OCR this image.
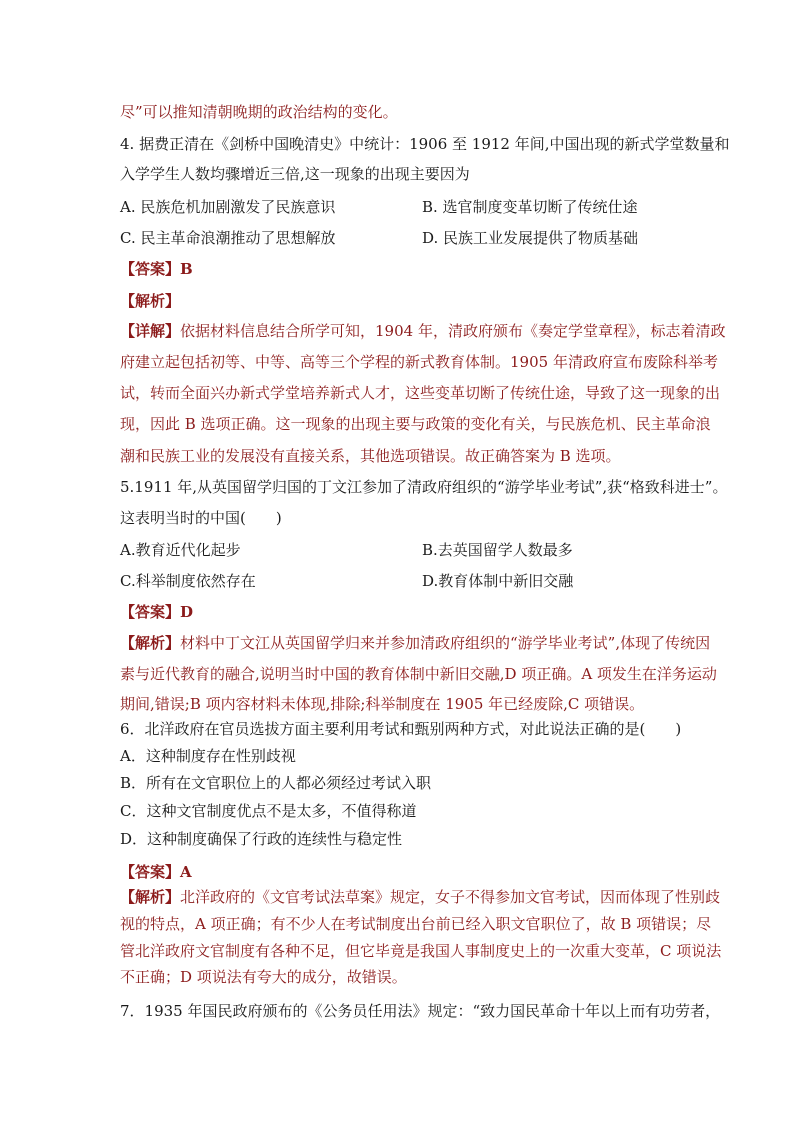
尽”可以推知清朝晚期的政治结构的变化。
4. 据费正清在《剑桥中国晚清史》中统计：1906 至 1912 年间,中国出现的新式学堂数量和
入学学生人数均骤增近三倍,这一现象的出现主要因为
A. 民族危机加剧激发了民族意识	B. 选官制度变革切断了传统仕途
C. 民主革命浪潮推动了思想解放	D. 民族工业发展提供了物质基础
【答案】B
【解析】
【详解】依据材料信息结合所学可知，1904 年，清政府颁布《奏定学堂章程》，标志着清政
府建立起包括初等、中等、高等三个学程的新式教育体制。1905 年清政府宣布废除科举考
试，转而全面兴办新式学堂培养新式人才，这些变革切断了传统仕途，导致了这一现象的出
现，因此 B 选项正确。这一现象的出现主要与政策的变化有关，与民族危机、民主革命浪
潮和民族工业的发展没有直接关系，其他选项错误。故正确答案为 B 选项。
5.1911 年,从英国留学归国的丁文江参加了清政府组织的“游学毕业考试”,获“格致科进士”。
这表明当时的中国(　　)
A.教育近代化起步	B.去英国留学人数最多
C.科举制度依然存在	D.教育体制中新旧交融
【答案】D
【解析】材料中丁文江从英国留学归来并参加清政府组织的“游学毕业考试”,体现了传统因
素与近代教育的融合,说明当时中国的教育体制中新旧交融,D 项正确。A 项发生在洋务运动
期间,错误;B 项内容材料未体现,排除;科举制度在 1905 年已经废除,C 项错误。
6．北洋政府在官员选拔方面主要利用考试和甄别两种方式，对此说法正确的是(　　)
A．这种制度存在性别歧视
B．所有在文官职位上的人都必须经过考试入职
C．这种文官制度优点不是太多，不值得称道
D．这种制度确保了行政的连续性与稳定性
【答案】A
【解析】北洋政府的《文官考试法草案》规定，女子不得参加文官考试，因而体现了性别歧
视的特点，A 项正确；有不少人在考试制度出台前已经入职文官职位了，故 B 项错误；尽
管北洋政府文官制度有各种不足，但它毕竟是我国人事制度史上的一次重大变革，C 项说法
不正确；D 项说法有夸大的成分，故错误。
7．1935 年国民政府颁布的《公务员任用法》规定：“致力国民革命十年以上而有功劳者，
